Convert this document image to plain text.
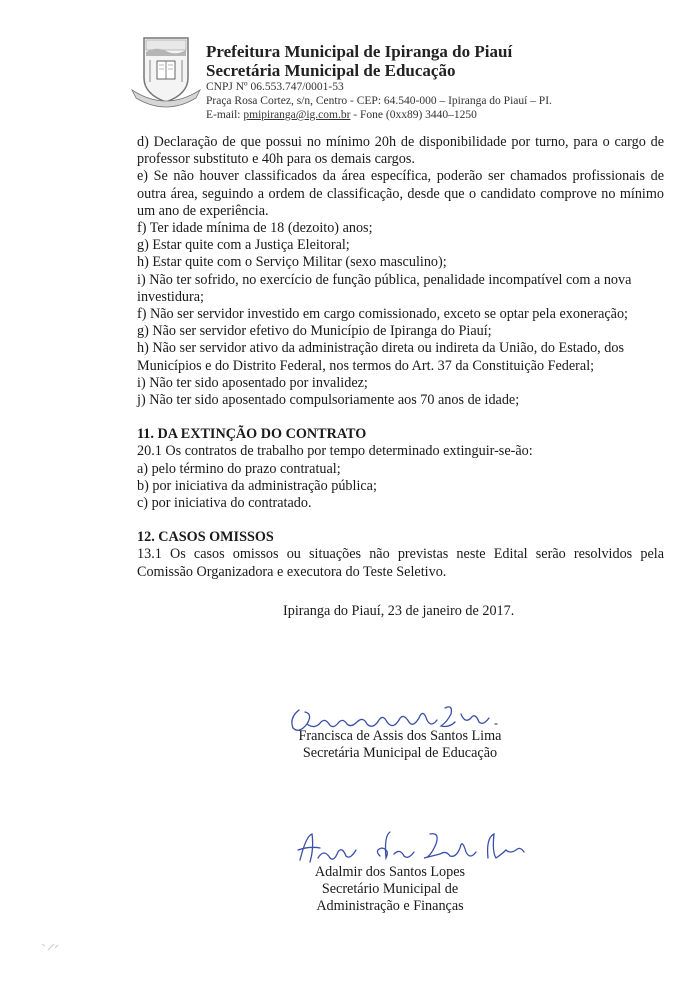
Prefeitura Municipal de Ipiranga do Piauí
Secretária Municipal de Educação
CNPJ Nº 06.553.747/0001-53
Praça Rosa Cortez, s/n, Centro - CEP: 64.540-000 – Ipiranga do Piauí – PI.
E-mail: pmipiranga@ig.com.br - Fone (0xx89) 3440–1250

d) Declaração de que possui no mínimo 20h de disponibilidade por turno, para o cargo de professor substituto e 40h para os demais cargos.

e) Se não houver classificados da área específica, poderão ser chamados profissionais de outra área, seguindo a ordem de classificação, desde que o candidato comprove no mínimo um ano de experiência.

f) Ter idade mínima de 18 (dezoito) anos;

g) Estar quite com a Justiça Eleitoral;

h) Estar quite com o Serviço Militar (sexo masculino);

i) Não ter sofrido, no exercício de função pública, penalidade incompatível com a nova investidura;

f) Não ser servidor investido em cargo comissionado, exceto se optar pela exoneração;

g) Não ser servidor efetivo do Município de Ipiranga do Piauí;

h) Não ser servidor ativo da administração direta ou indireta da União, do Estado, dos Municípios e do Distrito Federal, nos termos do Art. 37 da Constituição Federal;

i) Não ter sido aposentado por invalidez;

j) Não ter sido aposentado compulsoriamente aos 70 anos de idade;

11. DA EXTINÇÃO DO CONTRATO

20.1 Os contratos de trabalho por tempo determinado extinguir-se-ão:

a) pelo término do prazo contratual;

b) por iniciativa da administração pública;

c) por iniciativa do contratado.

12. CASOS OMISSOS

13.1 Os casos omissos ou situações não previstas neste Edital serão resolvidos pela Comissão Organizadora e executora do Teste Seletivo.

Ipiranga do Piauí, 23 de janeiro de 2017.
Francisca de Assis dos Santos Lima
Secretária Municipal de Educação
Adalmir dos Santos Lopes
Secretário Municipal de
Administração e Finanças
